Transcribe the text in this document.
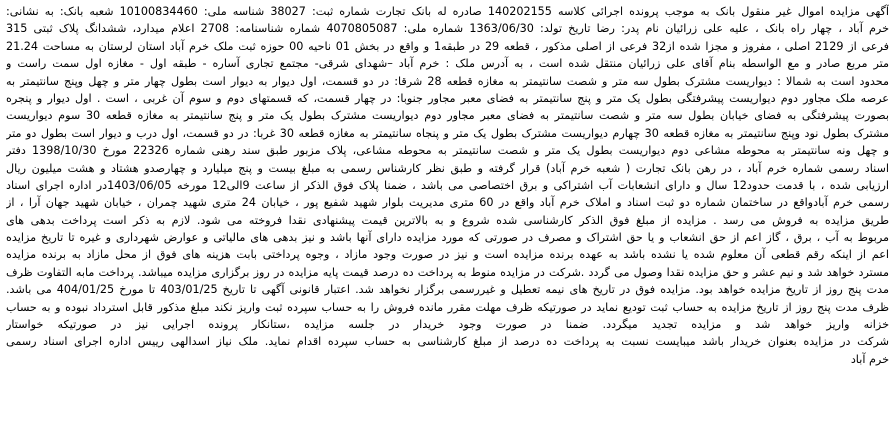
آگهی مزایده اموال غیر منقول بانک به موجب پرونده اجرائی کلاسه 140202155 صادره له بانک تجارت شماره ثبت: 38027 شناسه ملی: 10100834460 شعبه بانک: به نشانی:
خرم آباد ، چهار راه بانک ، علیه علی زرائیان نام پدر: رضا تاریخ تولد: 1363/06/30 شماره ملی: 4070805087 شماره شناسنامه: 2708 اعلام میدارد، ششدانگ پلاک ثبتی 315
فرعی از 2129 اصلی ، مفروز و مجزا شده از32 فرعی از اصلی مذکور ، قطعه 29 در طبقه1 و واقع در بخش 01 ناحیه 00 حوزه ثبت ملک خرم آباد استان لرستان به مساحت 21.24
متر مربع صادر و مع الواسطه بنام آقای علی زرائیان منتقل شده است ، به آدرس ملک : خرم آباد –شهدای شرقی- مجتمع تجاری آساره - طبقه اول - مغازه اول سمت راست و
محدود است به شمالا : دیواریست مشترک بطول سه متر و شصت سانتیمتر به مغازه قطعه 28 شرقا: در دو قسمت، اول دیوار به دیوار است بطول چهار متر و چهل وپنج سانتیمتر به
عرصه ملک مجاور دوم دیواریست پیشرفتگی بطول یک متر و پنج سانتیمتر به فضای معبر مجاور جنوبا: در چهار قسمت، که قسمتهای دوم و سوم آن غربی ، است . اول دیوار و پنجره
بصورت پیشرفتگی به فضای خیابان بطول سه متر و شصت سانتیمتر به فضای معبر مجاور دوم دیواریست مشترک بطول یک متر و پنج سانتیمتر به مغازه قطعه 30 سوم دیواریست
مشترک بطول نود وپنج سانتیمتر به مغازه قطعه 30 چهارم دیواریست مشترک بطول یک متر و پنجاه سانتیمتر به مغازه قطعه 30 غربا: در دو قسمت، اول درب و دیوار است بطول دو متر
و چهل ونه سانتیمتر به محوطه مشاعی دوم دیواریست بطول یک متر و شصت سانتیمتر به محوطه مشاعی، پلاک مزبور طبق سند رهنی شماره 22326 مورخ 1398/10/30 دفتر
اسناد رسمی شماره خرم آباد ، در رهن بانک تجارت ( شعبه خرم آباد) قرار گرفته و طبق نظر کارشناس رسمی به مبلغ بیست و پنج میلیارد و چهارصدو هشتاد و هشت میلیون ریال
ارزیابی شده ، با قدمت حدود12 سال و دارای انشعابات آب اشتراکی و برق اختصاصی می باشد ، ضمنا پلاک فوق الذکر از ساعت 9الی12 مورخه 1403/06/05در اداره اجرای اسناد
رسمی خرم آبادواقع در ساختمان شماره دو ثبت اسناد و املاک خرم آباد واقع در 60 متری مدیریت بلوار شهید شفیع پور ، خیابان 24 متری شهید چمران ، خیابان شهید جهان آرا ، از
طریق مزایده به فروش می رسد . مزایده از مبلغ فوق الذکر کارشناسی شده شروع و به بالاترین قیمت پیشنهادی نقدا فروخته می شود. لازم به ذکر است پرداخت بدهی های
مربوط به آب ، برق ، گاز اعم از حق انشعاب و یا حق اشتراک و مصرف در صورتی که مورد مزایده دارای آنها باشد و نیز بدهی های مالیاتی و عوارض شهرداری و غیره تا تاریخ مزایده
اعم از اینکه رقم قطعی آن معلوم شده یا نشده باشد به عهده برنده مزایده است و نیز در صورت وجود مازاد ، وجوه پرداختی بابت هزینه های فوق از محل مازاد به برنده مزایده
مسترد خواهد شد و نیم عشر و حق مزایده نقدا وصول می گردد .شرکت در مزایده منوط به پرداخت ده درصد قیمت پایه مزایده در روز برگزاری مزایده میباشد. پرداخت مابه التفاوت ظرف
مدت پنج روز از تاریخ مزایده خواهد بود. مزایده فوق در تاریخ های نیمه تعطیل و غیررسمی برگزار نخواهد شد. اعتبار قانونی آگهی تا تاریخ 403/01/25 تا مورخ 404/01/25 می باشد.
ظرف مدت پنج روز از تاریخ مزایده به حساب ثبت تودیع نماید در صورتیکه ظرف مهلت مقرر مانده فروش را به حساب سپرده ثبت واریز نکند مبلغ مذکور قابل استرداد نبوده و به حساب
خزانه واریز خواهد شد و مزایده تجدید میگردد. ضمنا در صورت وجود خریدار در جلسه مزایده ،ستانکار پرونده اجرایی نیز در صورتیکه خواستار
شرکت در مزایده بعنوان خریدار باشد میبایست نسبت به پرداخت ده درصد از مبلغ کارشناسی به حساب سپرده اقدام نماید. ملک نیاز اسدالهی رییس اداره اجرای اسناد رسمی
خرم آباد
